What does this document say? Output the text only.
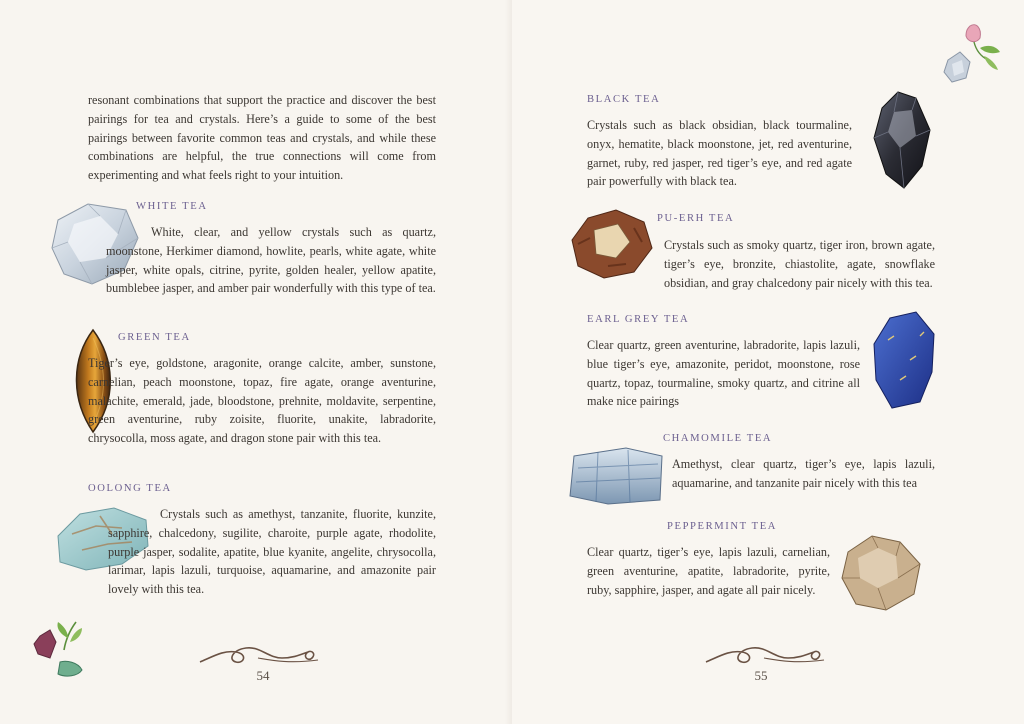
resonant combinations that support the practice and discover the best pairings for tea and crystals. Here’s a guide to some of the best pairings between favorite common teas and crystals, and while these combinations are helpful, the true connections will come from experimenting and what feels right to your intuition.
WHITE TEA
White, clear, and yellow crystals such as quartz, moonstone, Herkimer diamond, howlite, pearls, white agate, white jasper, white opals, citrine, pyrite, golden healer, yellow apatite, bumblebee jasper, and amber pair wonderfully with this type of tea.
GREEN TEA
Tiger’s eye, goldstone, aragonite, orange calcite, amber, sunstone, carnelian, peach moonstone, topaz, fire agate, orange aventurine, malachite, emerald, jade, bloodstone, prehnite, moldavite, serpentine, green aventurine, ruby zoisite, fluorite, unakite, labradorite, chrysocolla, moss agate, and dragon stone pair with this tea.
OOLONG TEA
Crystals such as amethyst, tanzanite, fluorite, kunzite, sapphire, chalcedony, sugilite, charoite, purple agate, rhodolite, purple jasper, sodalite, apatite, blue kyanite, angelite, chrysocolla, larimar, lapis lazuli, turquoise, aquamarine, and amazonite pair lovely with this tea.
54
BLACK TEA
Crystals such as black obsidian, black tourmaline, onyx, hematite, black moonstone, jet, red aventurine, garnet, ruby, red jasper, red tiger’s eye, and red agate pair powerfully with black tea.
PU-ERH TEA
Crystals such as smoky quartz, tiger iron, brown agate, tiger’s eye, bronzite, chiastolite, agate, snowflake obsidian, and gray chalcedony pair nicely with this tea.
EARL GREY TEA
Clear quartz, green aventurine, labradorite, lapis lazuli, blue tiger’s eye, amazonite, peridot, moonstone, rose quartz, topaz, tourmaline, smoky quartz, and citrine all make nice pairings
CHAMOMILE TEA
Amethyst, clear quartz, tiger’s eye, lapis lazuli, aquamarine, and tanzanite pair nicely with this tea
PEPPERMINT TEA
Clear quartz, tiger’s eye, lapis lazuli, carnelian, green aventurine, apatite, labradorite, pyrite, ruby, sapphire, jasper, and agate all pair nicely.
55
